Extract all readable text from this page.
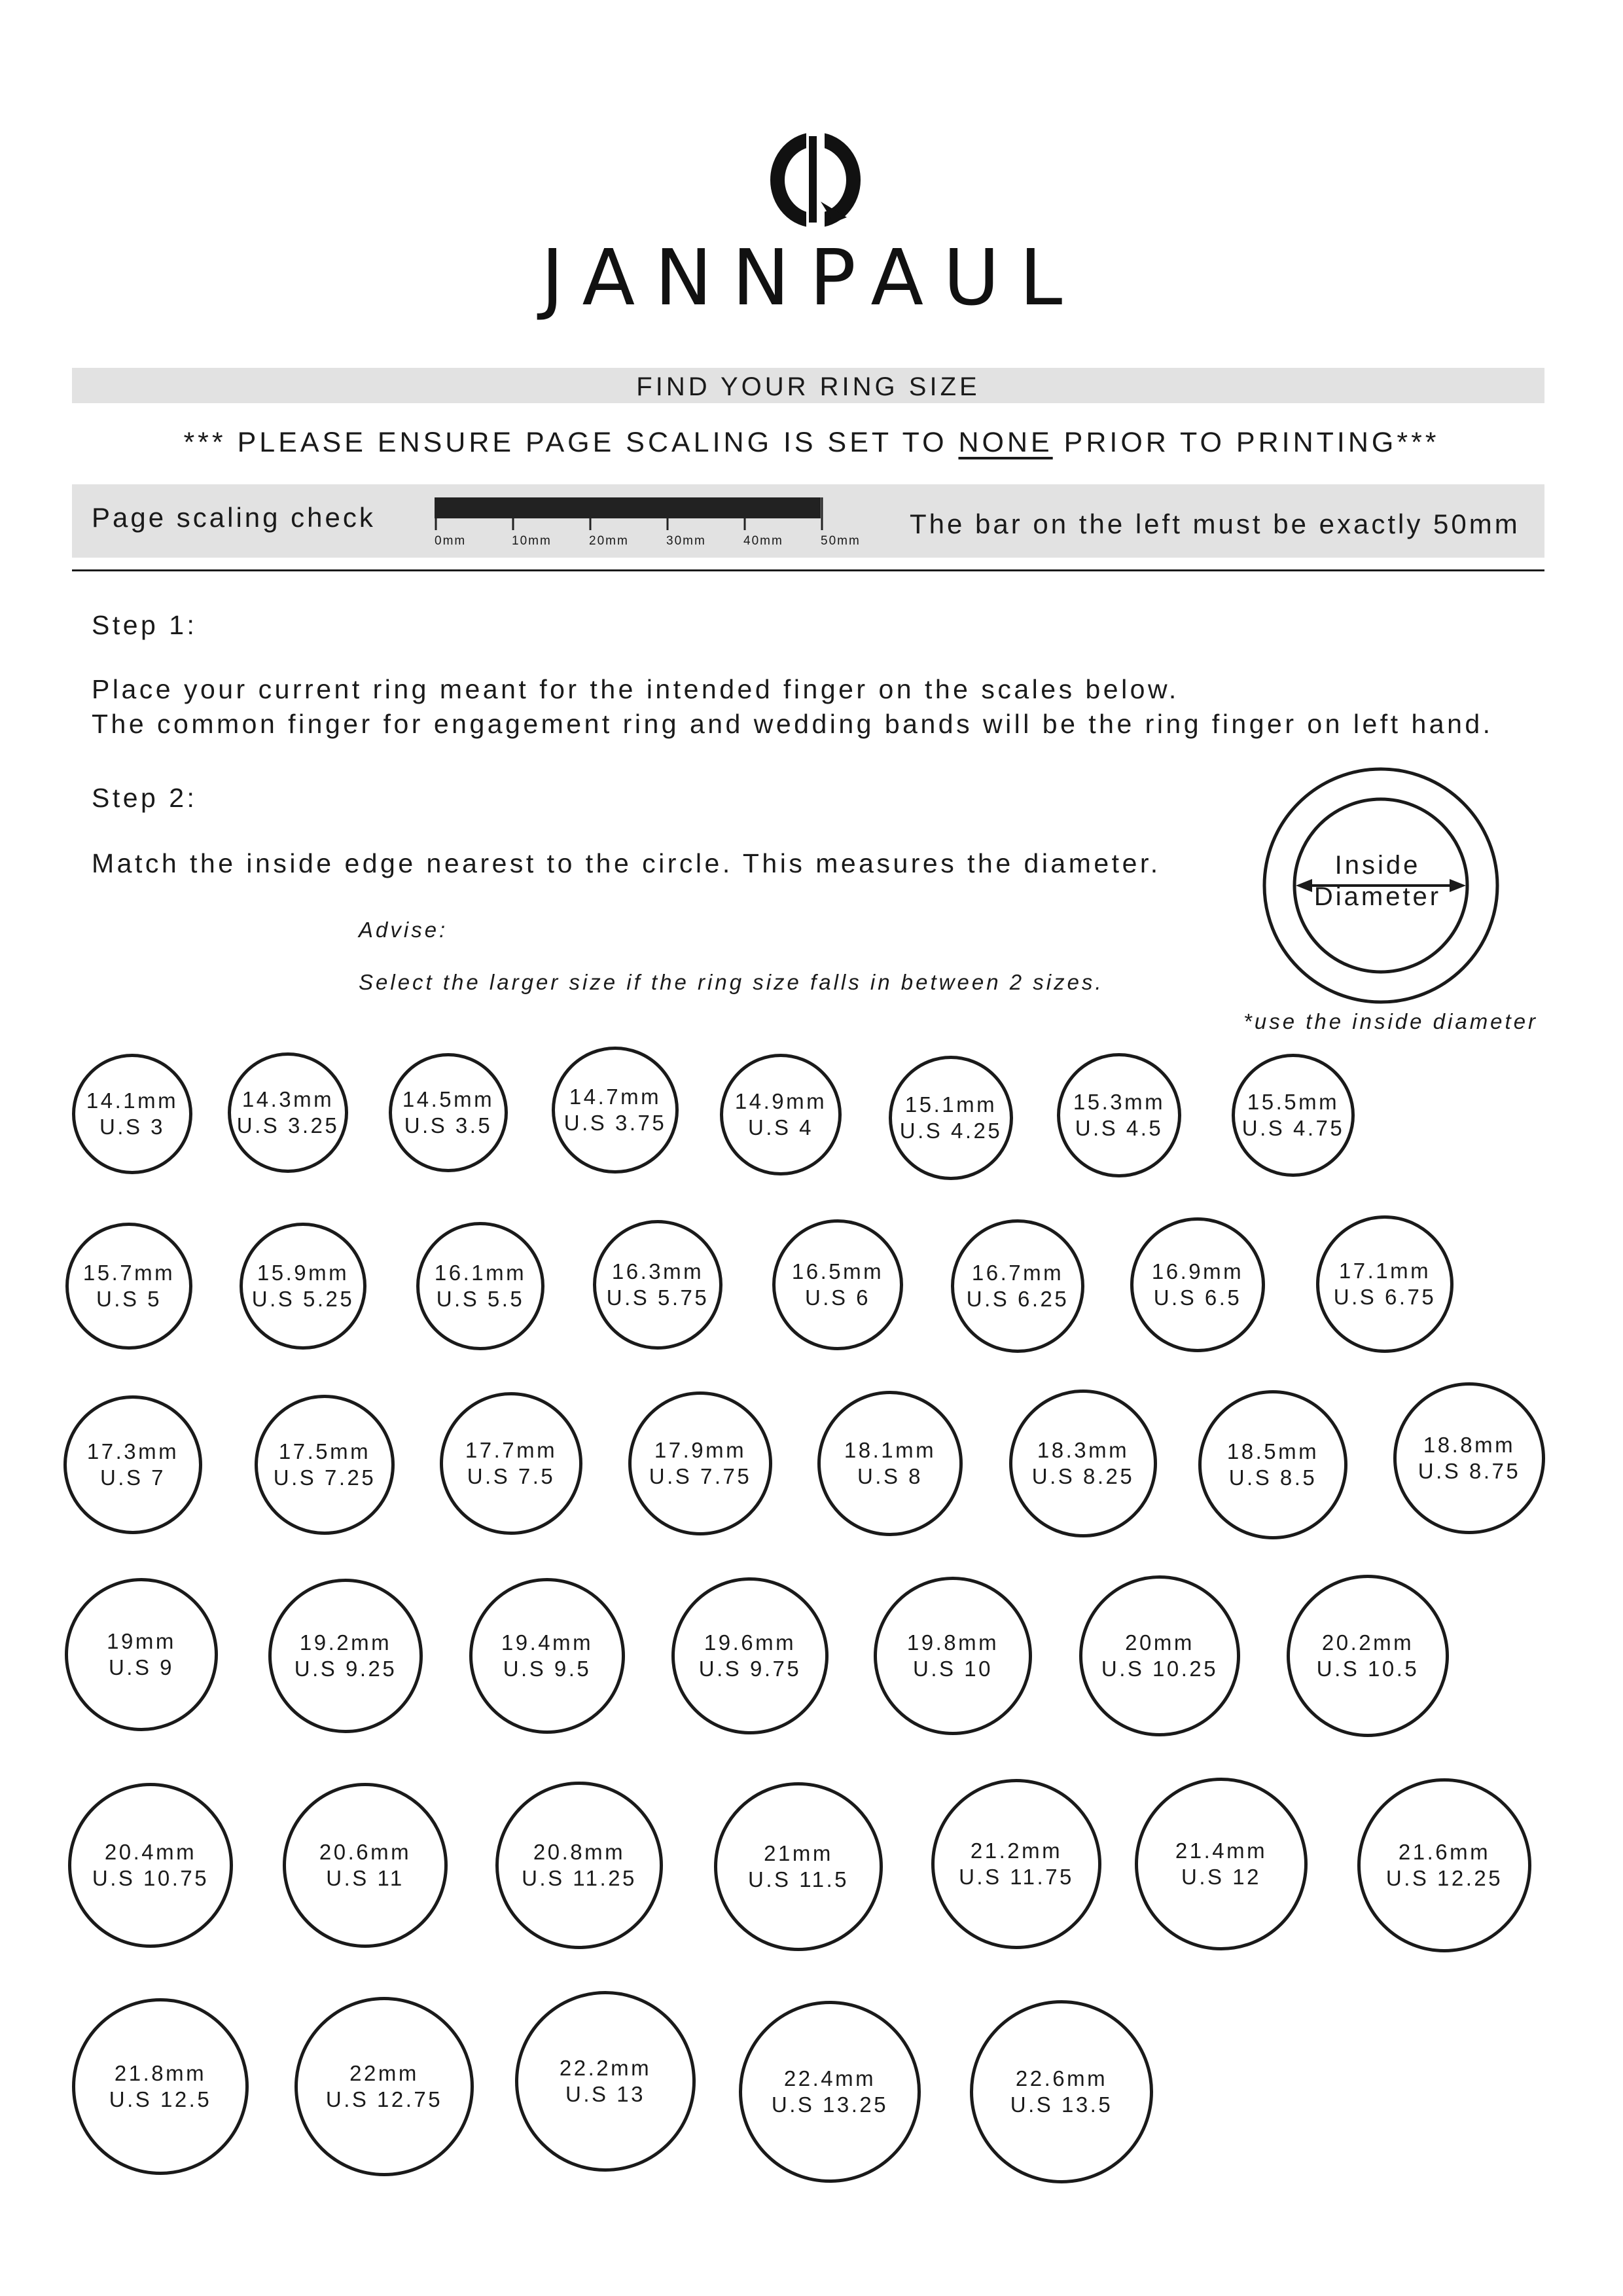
JANNPAUL
FIND YOUR RING SIZE
*** PLEASE ENSURE PAGE SCALING IS SET TO NONE PRIOR TO PRINTING***
Page scaling check
0mm	10mm	20mm	30mm	40mm	50mm
The bar on the left must be exactly 50mm
Step 1:
Place your current ring meant for the intended finger on the scales below.
The common finger for engagement ring and wedding bands will be the ring finger on left hand.
Step 2:
Match the inside edge nearest to the circle. This measures the diameter.
Advise:
Select the larger size if the ring size falls in between 2 sizes.
Inside
Diameter
*use the inside diameter
14.1mm
U.S 3
14.3mm
U.S 3.25
14.5mm
U.S 3.5
14.7mm
U.S 3.75
14.9mm
U.S 4
15.1mm
U.S 4.25
15.3mm
U.S 4.5
15.5mm
U.S 4.75
15.7mm
U.S 5
15.9mm
U.S 5.25
16.1mm
U.S 5.5
16.3mm
U.S 5.75
16.5mm
U.S 6
16.7mm
U.S 6.25
16.9mm
U.S 6.5
17.1mm
U.S 6.75
17.3mm
U.S 7
17.5mm
U.S 7.25
17.7mm
U.S 7.5
17.9mm
U.S 7.75
18.1mm
U.S 8
18.3mm
U.S 8.25
18.5mm
U.S 8.5
18.8mm
U.S 8.75
19mm
U.S 9
19.2mm
U.S 9.25
19.4mm
U.S 9.5
19.6mm
U.S 9.75
19.8mm
U.S 10
20mm
U.S 10.25
20.2mm
U.S 10.5
20.4mm
U.S 10.75
20.6mm
U.S 11
20.8mm
U.S 11.25
21mm
U.S 11.5
21.2mm
U.S 11.75
21.4mm
U.S 12
21.6mm
U.S 12.25
21.8mm
U.S 12.5
22mm
U.S 12.75
22.2mm
U.S 13
22.4mm
U.S 13.25
22.6mm
U.S 13.5
